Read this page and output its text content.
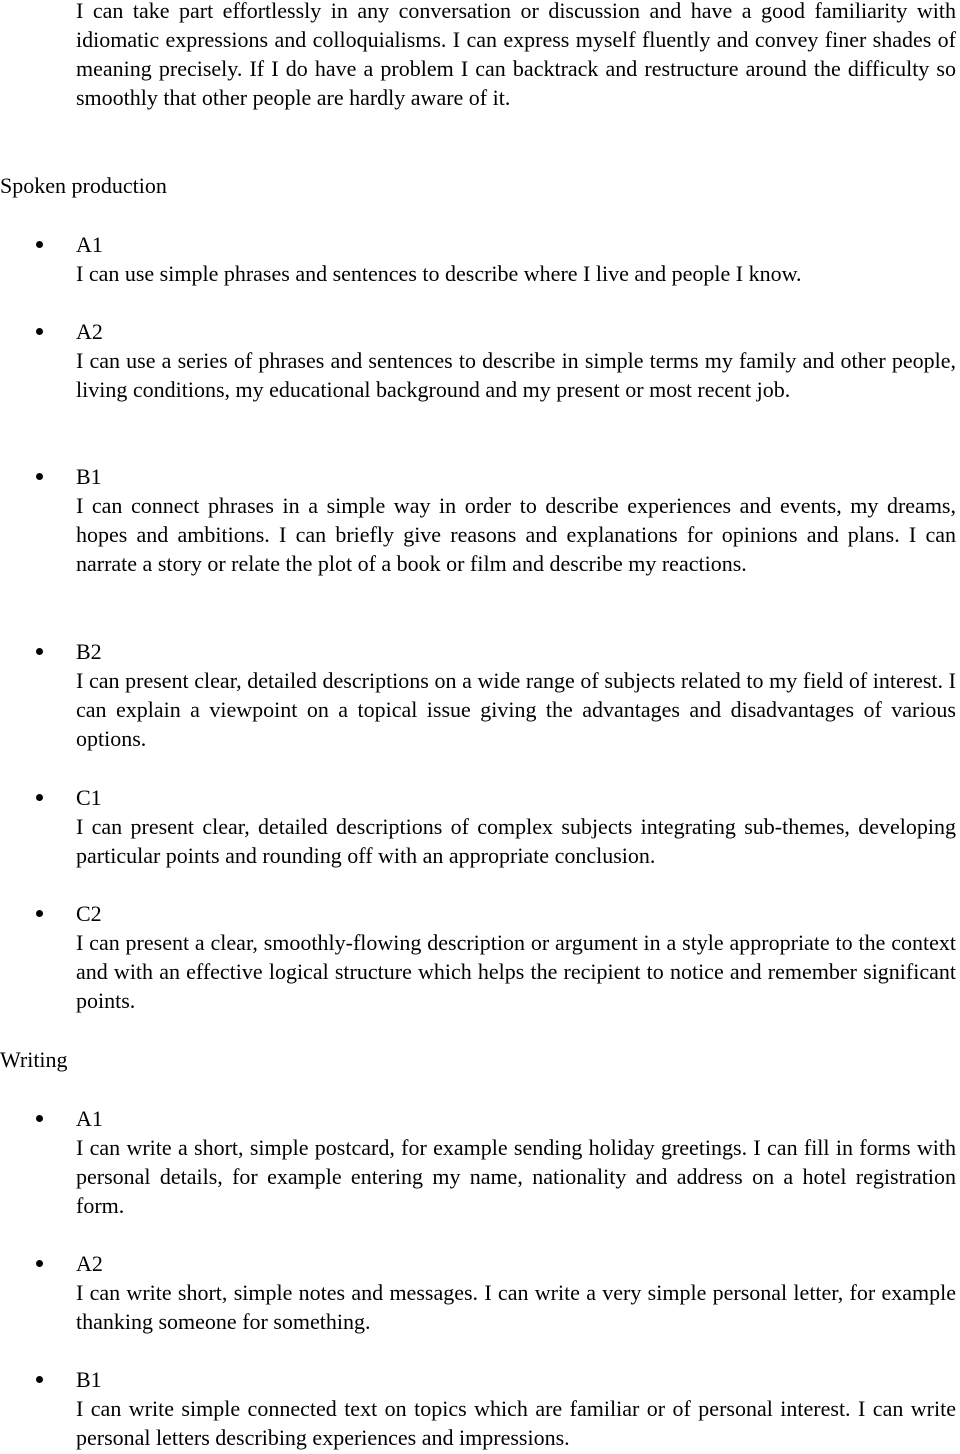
I can take part effortlessly in any conversation or discussion and have a good familiarity with idiomatic expressions and colloquialisms. I can express myself fluently and convey finer shades of meaning precisely. If I do have a problem I can backtrack and restructure around the difficulty so smoothly that other people are hardly aware of it.

Spoken production
A1
I can use simple phrases and sentences to describe where I live and people I know.
A2
I can use a series of phrases and sentences to describe in simple terms my family and other people, living conditions, my educational background and my present or most recent job.
B1
I can connect phrases in a simple way in order to describe experiences and events, my dreams, hopes and ambitions. I can briefly give reasons and explanations for opinions and plans. I can narrate a story or relate the plot of a book or film and describe my reactions.
B2
I can present clear, detailed descriptions on a wide range of subjects related to my field of interest. I can explain a viewpoint on a topical issue giving the advantages and disadvantages of various options.
C1
I can present clear, detailed descriptions of complex subjects integrating sub-themes, developing particular points and rounding off with an appropriate conclusion.
C2
I can present a clear, smoothly-flowing description or argument in a style appropriate to the context and with an effective logical structure which helps the recipient to notice and remember significant points.
Writing
A1
I can write a short, simple postcard, for example sending holiday greetings. I can fill in forms with personal details, for example entering my name, nationality and address on a hotel registration form.
A2
I can write short, simple notes and messages. I can write a very simple personal letter, for example thanking someone for something.
B1
I can write simple connected text on topics which are familiar or of personal interest. I can write personal letters describing experiences and impressions.
